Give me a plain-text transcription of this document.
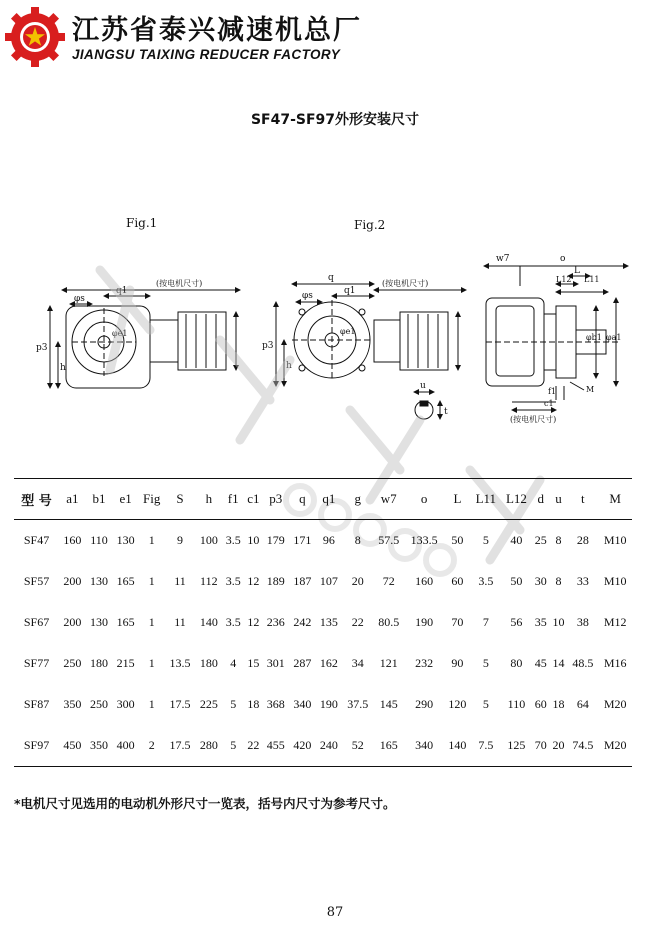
江苏省泰兴减速机总厂
JIANGSU TAIXING REDUCER FACTORY
SF47-SF97外形安装尺寸
Fig.1	Fig.2
φs
q1
(按电机尺寸)
p3
h
φe1
q
φs	q1
(按电机尺寸)
p3
h
φe1
u
t
w7	o
L
L12 L11
φb1 φa1
f1
c1
M
(按电机尺寸)
型 号	a1	b1	e1	Fig	S	h	f1	c1	p3	q	q1	g	w7	o	L	L11	L12	d	u	t	M
SF47	160	110	130	1	9	100	3.5	10	179	171	96	8	57.5	133.5	50	5	40	25	8	28	M10
SF57	200	130	165	1	11	112	3.5	12	189	187	107	20	72	160	60	3.5	50	30	8	33	M10
SF67	200	130	165	1	11	140	3.5	12	236	242	135	22	80.5	190	70	7	56	35	10	38	M12
SF77	250	180	215	1	13.5	180	4	15	301	287	162	34	121	232	90	5	80	45	14	48.5	M16
SF87	350	250	300	1	17.5	225	5	18	368	340	190	37.5	145	290	120	5	110	60	18	64	M20
SF97	450	350	400	2	17.5	280	5	22	455	420	240	52	165	340	140	7.5	125	70	20	74.5	M20
*电机尺寸见选用的电动机外形尺寸一览表，括号内尺寸为参考尺寸。
87
